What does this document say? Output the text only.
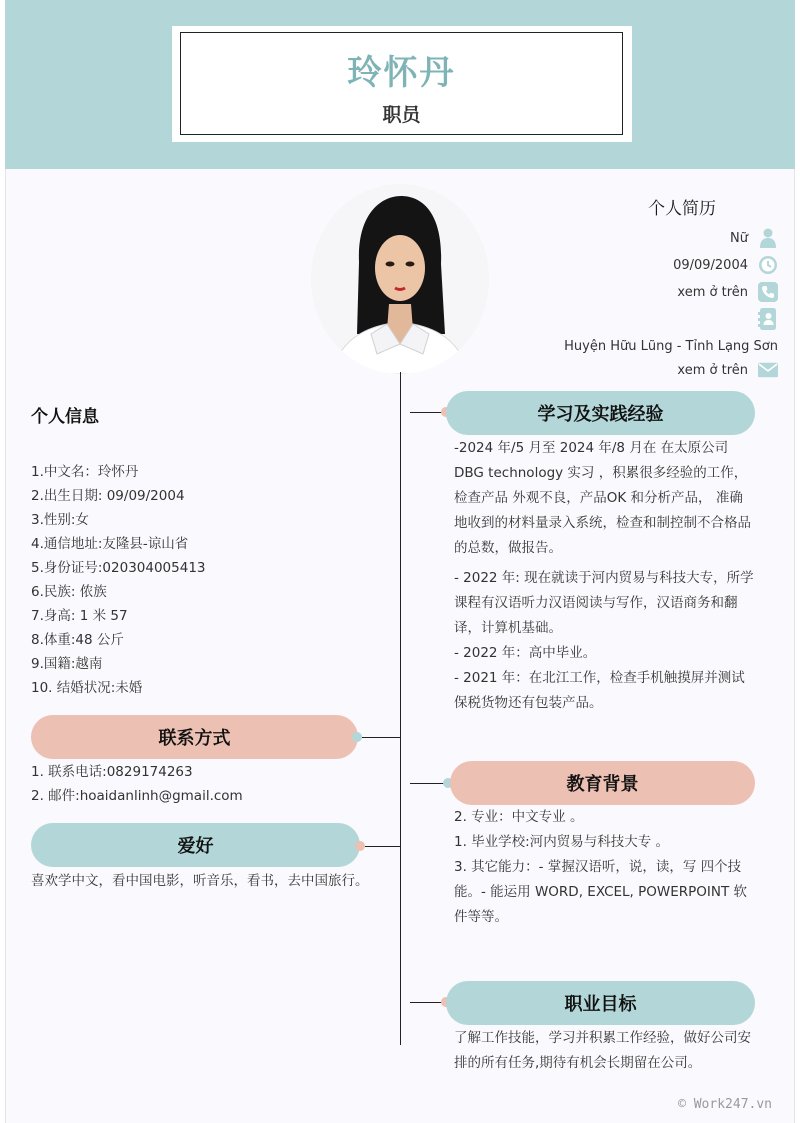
玲怀丹
职员
个人简历
Nữ
09/09/2004
xem ở trên
Huyện Hữu Lũng - Tỉnh Lạng Sơn
xem ở trên
个人信息
1.中文名：玲怀丹
2.出生日期: 09/09/2004
3.性别:女
4.通信地址:友隆县-谅山省
5.身份证号:020304005413
6.民族: 侬族
7.身高: 1 米 57
8.体重:48 公斤
9.国籍:越南
10. 结婚状况:未婚
联系方式
1. 联系电话:0829174263
2. 邮件:hoaidanlinh@gmail.com
爱好
喜欢学中文，看中国电影，听音乐，看书，去中国旅行。
学习及实践经验

-2024 年/5 月至 2024 年/8 月在 在太原公司 DBG technology 实习 ，积累很多经验的工作，检查产品 外观不良，产品OK 和分析产品， 准确地收到的材料量录入系统，检查和制控制不合格品的总数，做报告。

- 2022 年: 现在就读于河内贸易与科技大专，所学课程有汉语听力汉语阅读与写作，汉语商务和翻译，计算机基础。

- 2022 年：高中毕业。

- 2021 年：在北江工作，检查手机触摸屏并测试保税货物还有包装产品。

教育背景

2. 专业：中文专业 。

1. 毕业学校:河内贸易与科技大专 。

3. 其它能力：- 掌握汉语听，说，读，写 四个技能。- 能运用 WORD, EXCEL, POWERPOINT 软件等等。

职业目标
了解工作技能，学习并积累工作经验，做好公司安排的所有任务,期待有机会长期留在公司。
© Work247.vn
